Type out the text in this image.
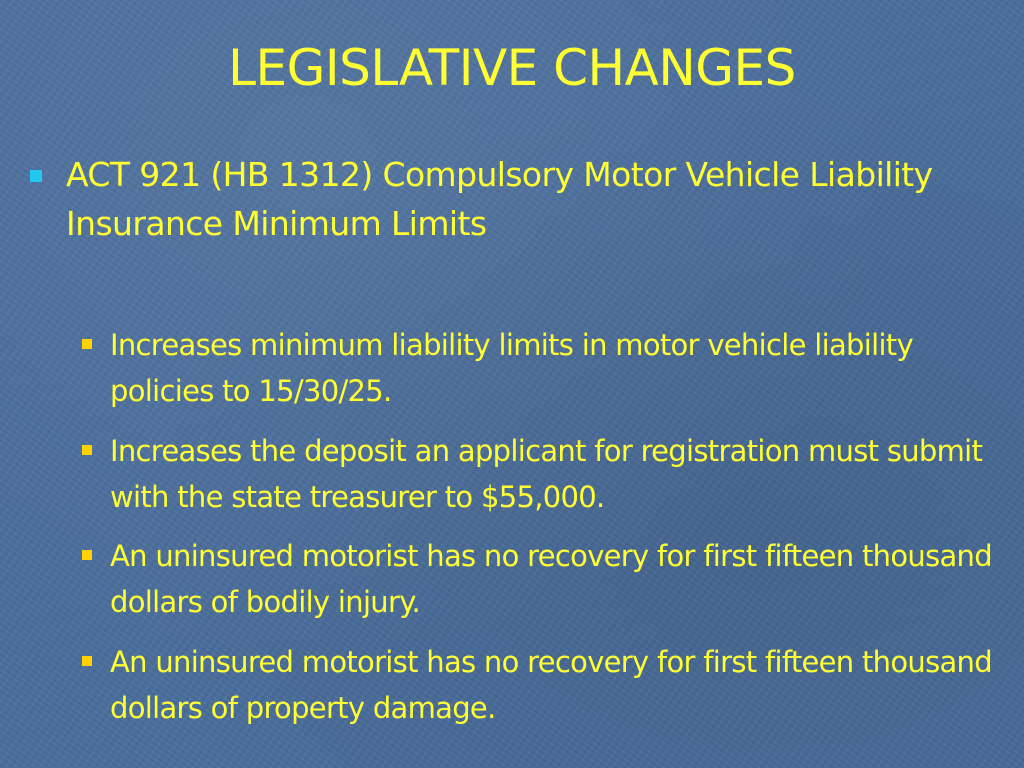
LEGISLATIVE CHANGES
ACT 921 (HB 1312) Compulsory Motor Vehicle Liability Insurance Minimum Limits
Increases minimum liability limits in motor vehicle liability policies to 15/30/25.
Increases the deposit an applicant for registration must submit with the state treasurer to $55,000.
An uninsured motorist has no recovery for first fifteen thousand dollars of bodily injury.
An uninsured motorist has no recovery for first fifteen thousand dollars of property damage.
